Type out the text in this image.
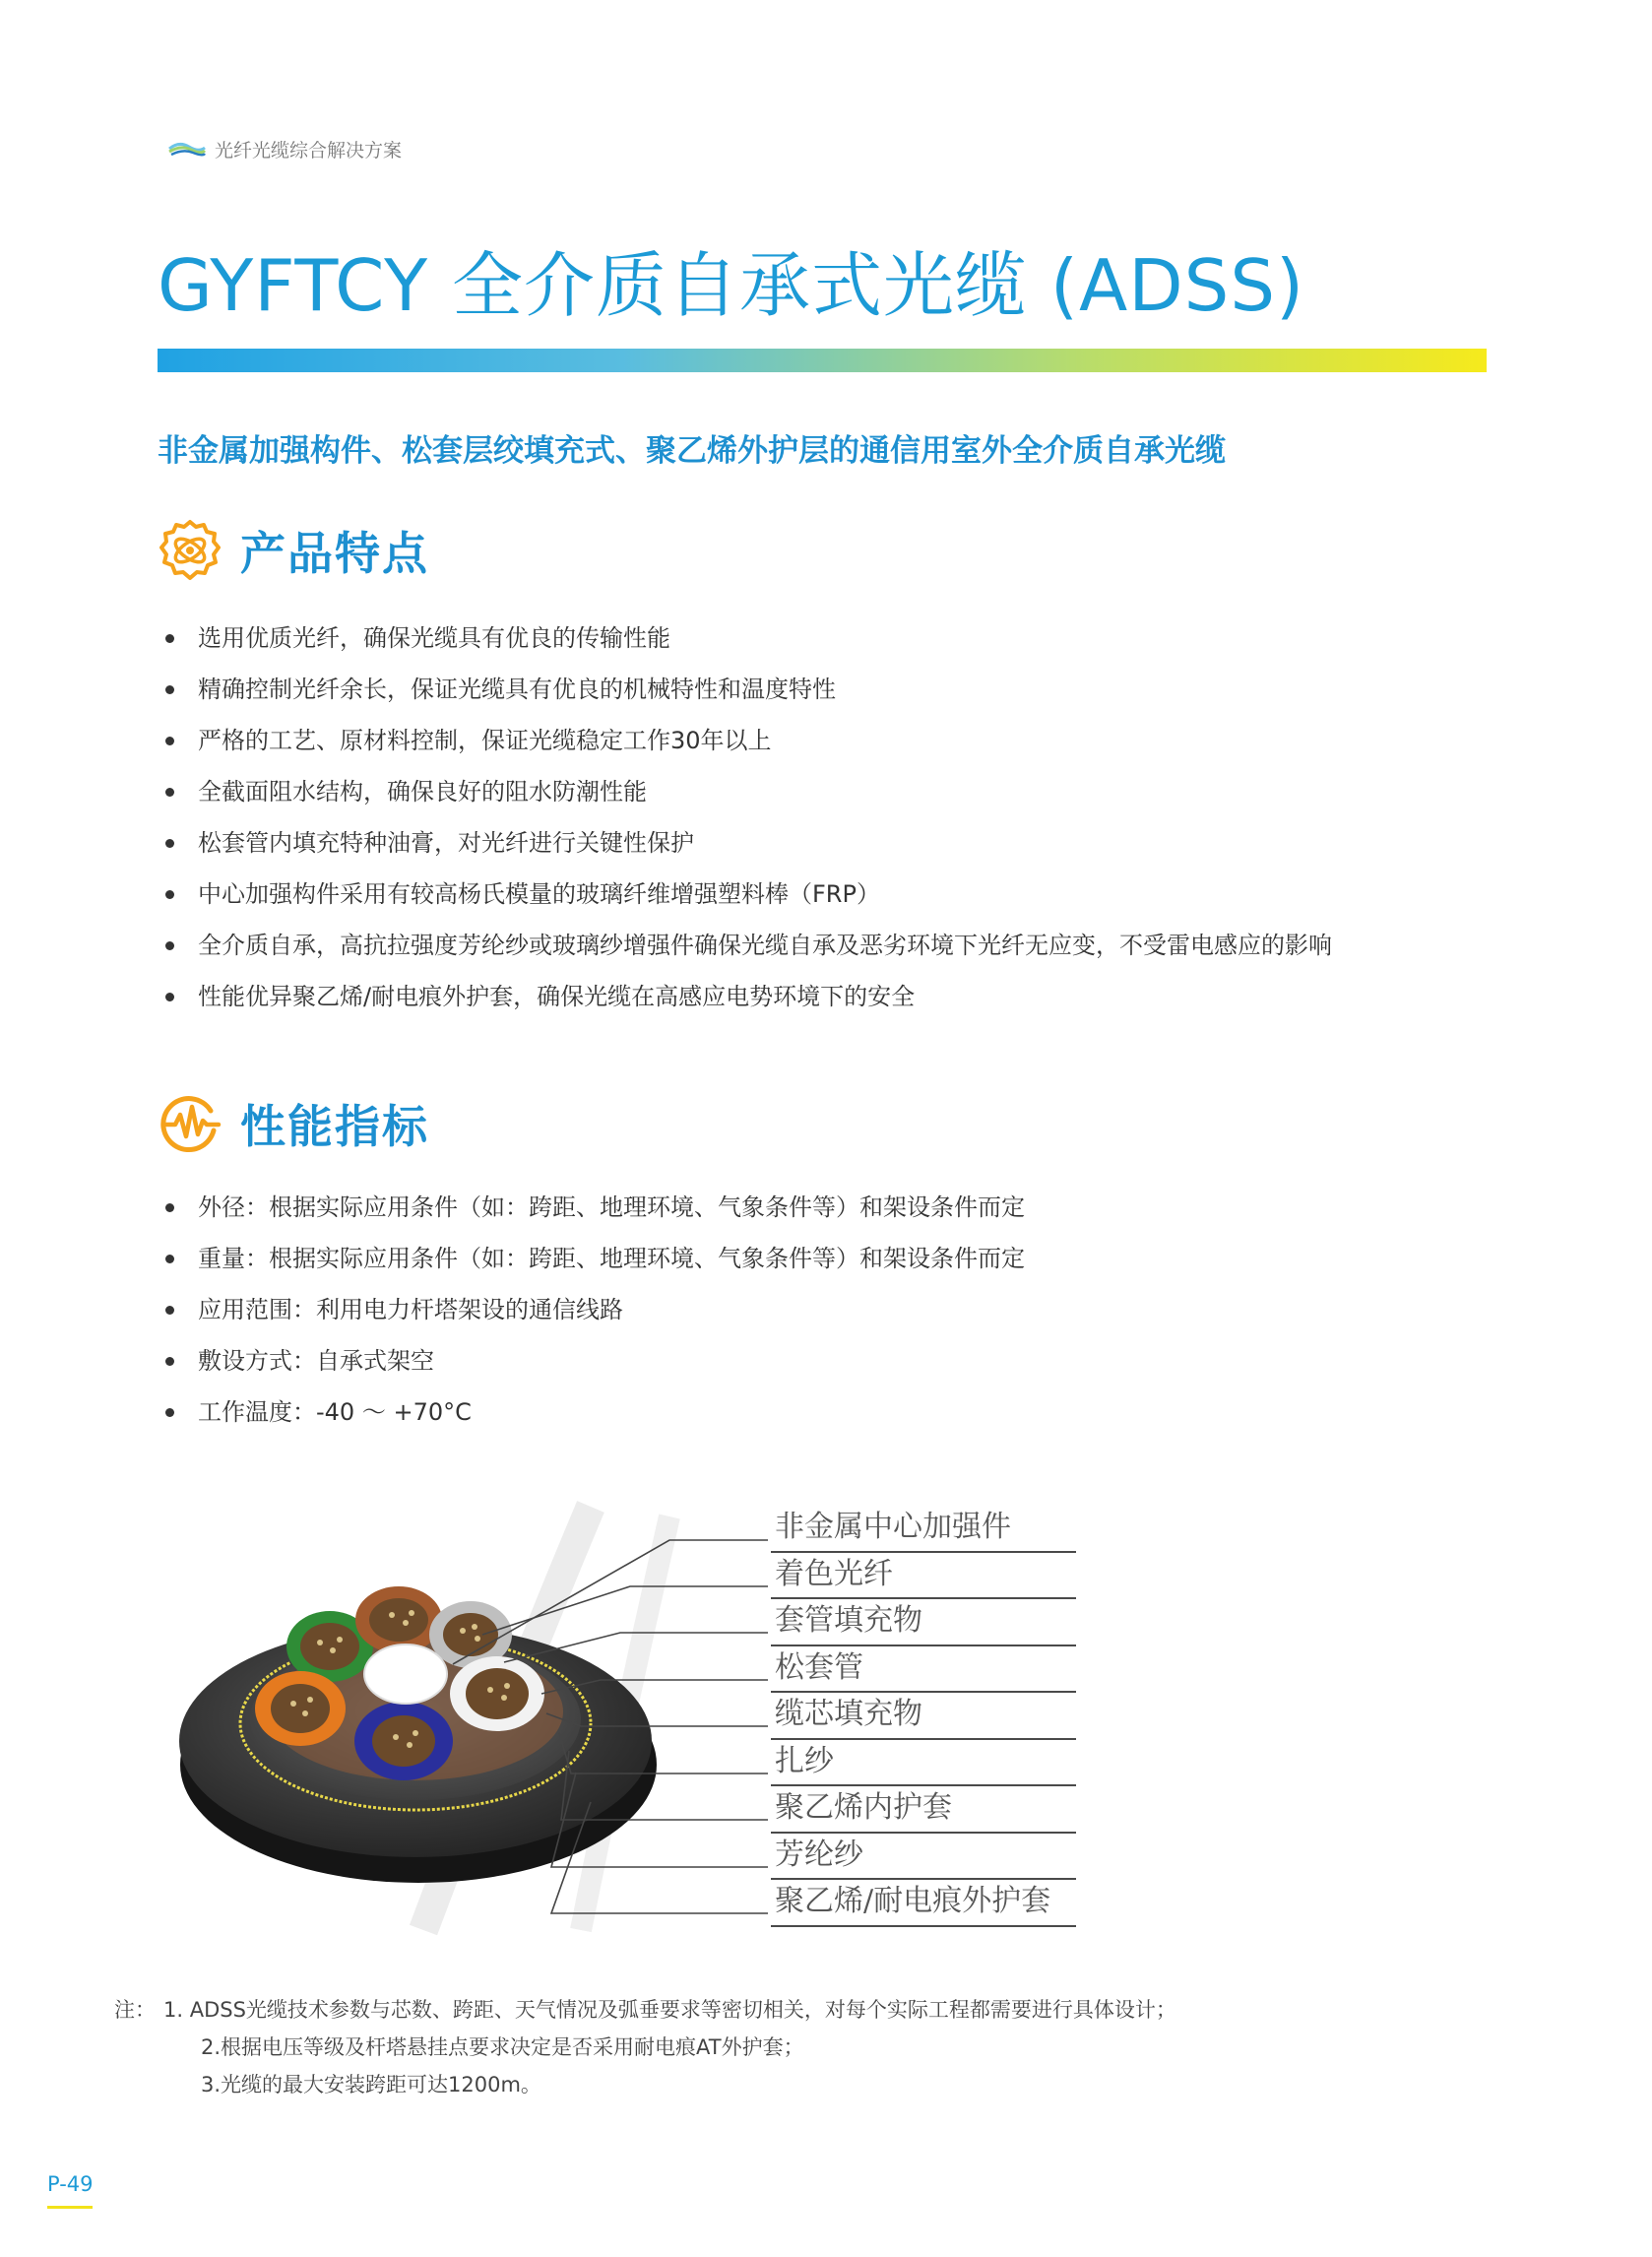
光纤光缆综合解决方案
GYFTCY 全介质自承式光缆 (ADSS)
非金属加强构件、松套层绞填充式、聚乙烯外护层的通信用室外全介质自承光缆
产品特点
选用优质光纤，确保光缆具有优良的传输性能
精确控制光纤余长，保证光缆具有优良的机械特性和温度特性
严格的工艺、原材料控制，保证光缆稳定工作30年以上
全截面阻水结构，确保良好的阻水防潮性能
松套管内填充特种油膏，对光纤进行关键性保护
中心加强构件采用有较高杨氏模量的玻璃纤维增强塑料棒（FRP）
全介质自承，高抗拉强度芳纶纱或玻璃纱增强件确保光缆自承及恶劣环境下光纤无应变，不受雷电感应的影响
性能优异聚乙烯/耐电痕外护套，确保光缆在高感应电势环境下的安全
性能指标
外径：根据实际应用条件（如：跨距、地理环境、气象条件等）和架设条件而定
重量：根据实际应用条件（如：跨距、地理环境、气象条件等）和架设条件而定
应用范围：利用电力杆塔架设的通信线路
敷设方式：自承式架空
工作温度：-40 ～ +70°C
非金属中心加强件
着色光纤
套管填充物
松套管
缆芯填充物
扎纱
聚乙烯内护套
芳纶纱
聚乙烯/耐电痕外护套
注： 1. ADSS光缆技术参数与芯数、跨距、天气情况及弧垂要求等密切相关，对每个实际工程都需要进行具体设计；
2.根据电压等级及杆塔悬挂点要求决定是否采用耐电痕AT外护套；
3.光缆的最大安装跨距可达1200m。
P-49
